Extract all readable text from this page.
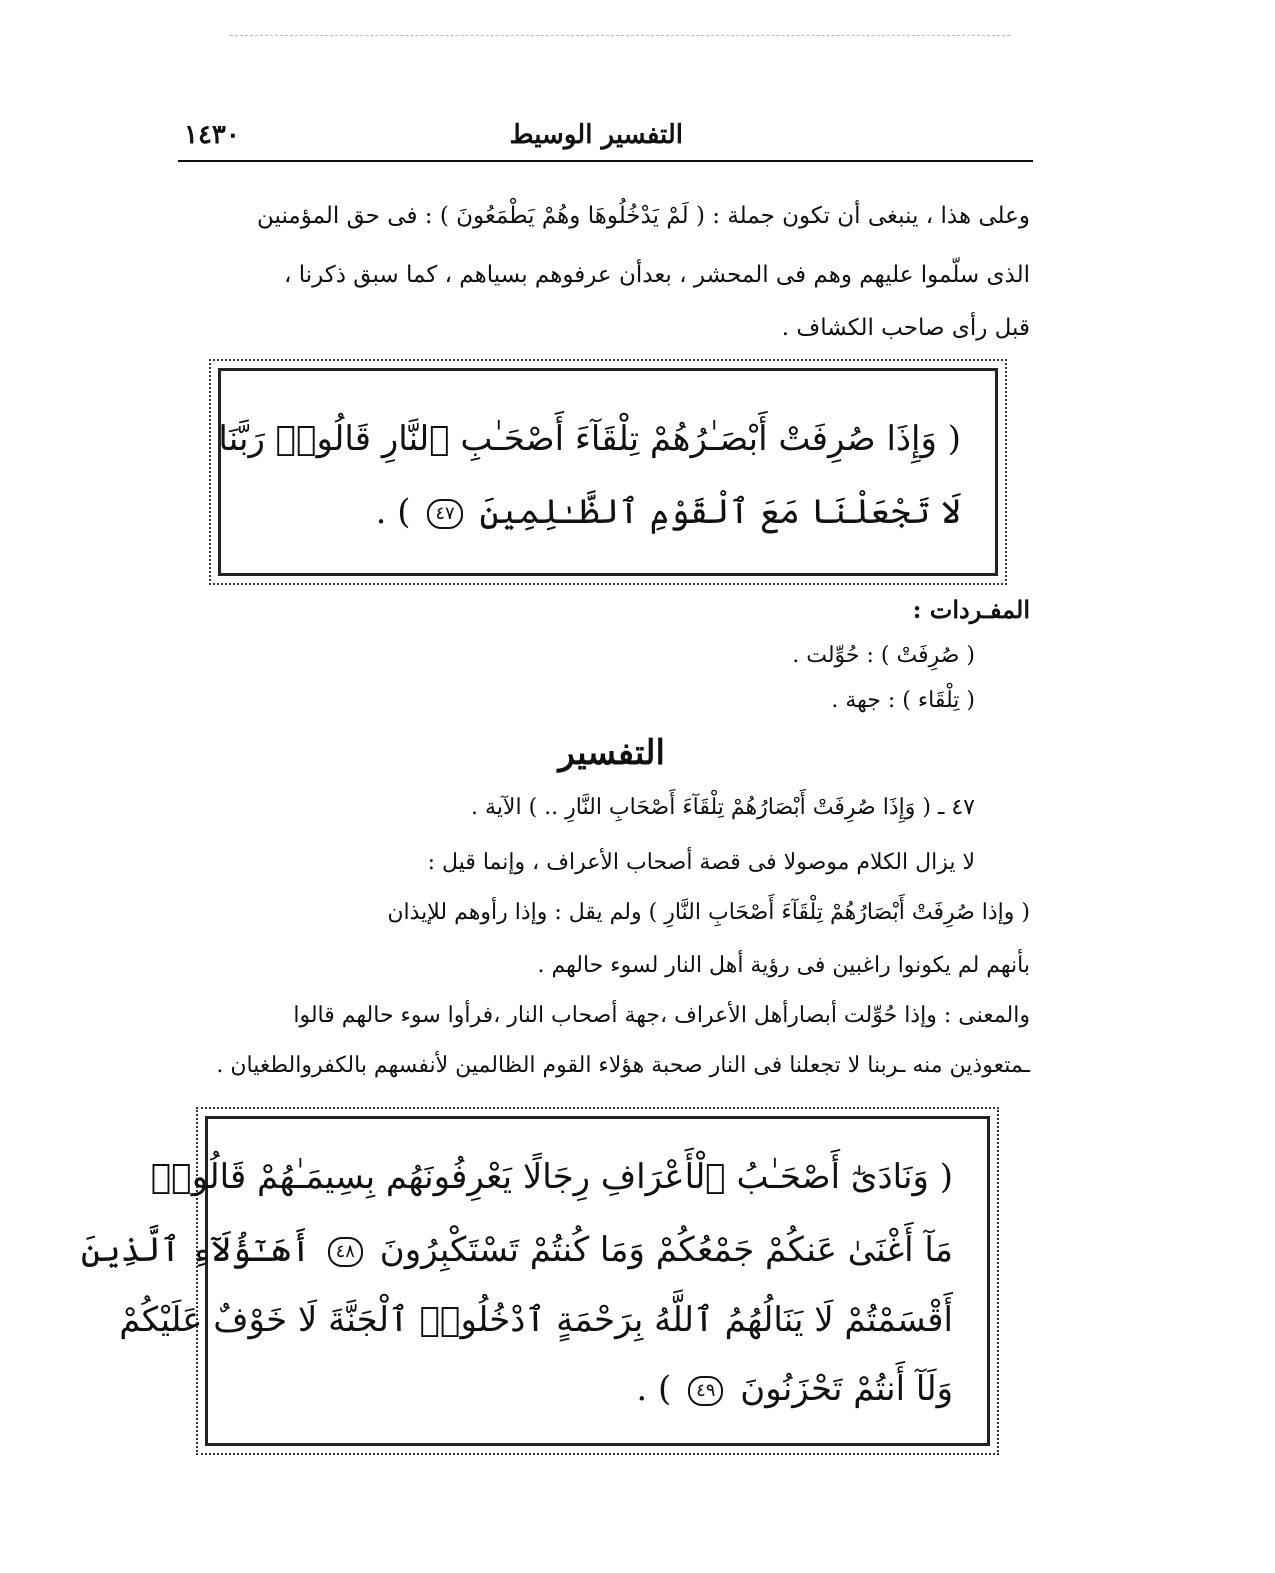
التفسير الوسيط
١٤٣٠
وعلى هذا ، ينبغى أن تكون جملة : ( لَمْ يَدْخُلُوهَا وهُمْ يَطْمَعُونَ ) : فى حق المؤمنين
الذى سلّموا عليهم وهم فى المحشر ، بعدأن عرفوهم بسياهم ، كما سبق ذكرنا ،
قبل رأى صاحب الكشاف .
( وَإِذَا صُرِفَتْ أَبْصَـٰرُهُمْ تِلْقَآءَ أَصْحَـٰبِ ٱلنَّارِ قَالُوا۟ رَبَّنَا
لَا تَجْعَلْنَا مَعَ ٱلْقَوْمِ ٱلظَّـٰلِمِينَ ٤٧ ) .
المفـردات :
( صُرِفَتْ ) : حُوِّلت .
( تِلْقَاء ) : جهة .
التفسير
٤٧ ـ ( وَإِذَا صُرِفَتْ أَبْصَارُهُمْ تِلْقَآءَ أَصْحَابِ النَّارِ .. ) الآية .
لا يزال الكلام موصولا فى قصة أصحاب الأعراف ، وإنما قيل :
( وإذا صُرِفَتْ أَبْصَارُهُمْ تِلْقَآءَ أَصْحَابِ النَّارِ ) ولم يقل : وإذا رأوهم للإيذان
بأنهم لم يكونوا راغبين فى رؤية أهل النار لسوء حالهم .
والمعنى : وإذا حُوِّلت أبصارأهل الأعراف ،جهة أصحاب النار ،فرأوا سوء حالهم قالوا
ـمتعوذين منه ـربنا لا تجعلنا فى النار صحبة هؤلاء القوم الظالمين لأنفسهم بالكفروالطغيان .
( وَنَادَىٰٓ أَصْحَـٰبُ ٱلْأَعْرَافِ رِجَالًا يَعْرِفُونَهُم بِسِيمَـٰهُمْ قَالُوا۟
مَآ أَغْنَىٰ عَنكُمْ جَمْعُكُمْ وَمَا كُنتُمْ تَسْتَكْبِرُونَ ٤٨ أَهَـٰٓؤُلَآءِ ٱلَّذِينَ
أَقْسَمْتُمْ لَا يَنَالُهُمُ ٱللَّهُ بِرَحْمَةٍ ٱدْخُلُوا۟ ٱلْجَنَّةَ لَا خَوْفٌ عَلَيْكُمْ
وَلَآ أَنتُمْ تَحْزَنُونَ ٤٩ ) .
